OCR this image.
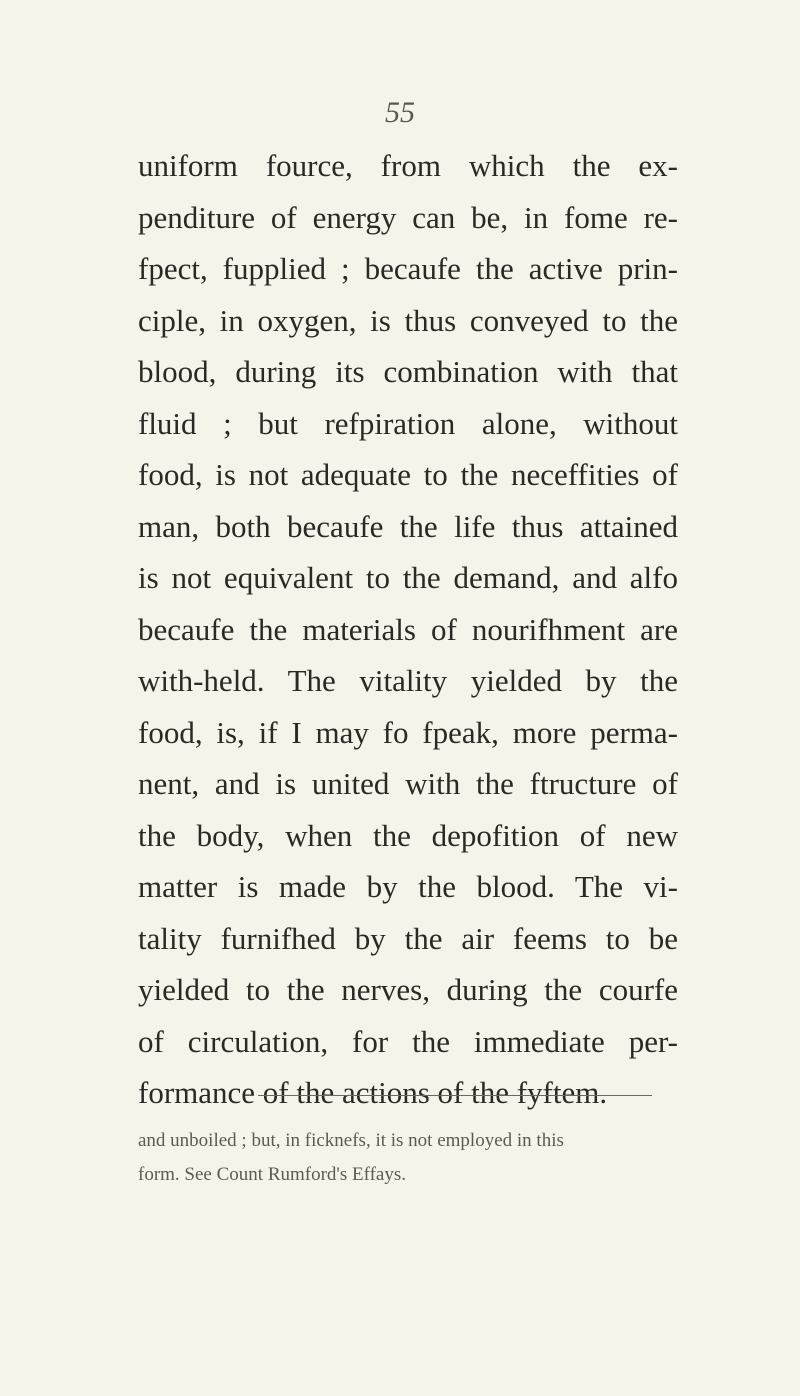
55
uniform fource, from which the ex-
penditure of energy can be, in fome re-
fpect, fupplied ; becaufe the active prin-
ciple, in oxygen, is thus conveyed to the
blood, during its combination with that
fluid ; but refpiration alone, without
food, is not adequate to the neceffities of
man, both becaufe the life thus attained
is not equivalent to the demand, and alfo
becaufe the materials of nourifhment are
with-held. The vitality yielded by the
food, is, if I may fo fpeak, more perma-
nent, and is united with the ftructure of
the body, when the depofition of new
matter is made by the blood. The vi-
tality furnifhed by the air feems to be
yielded to the nerves, during the courfe
of circulation, for the immediate per-
formance of the actions of the fyftem.
and unboiled ; but, in ficknefs, it is not employed in this
form. See Count Rumford's Effays.
